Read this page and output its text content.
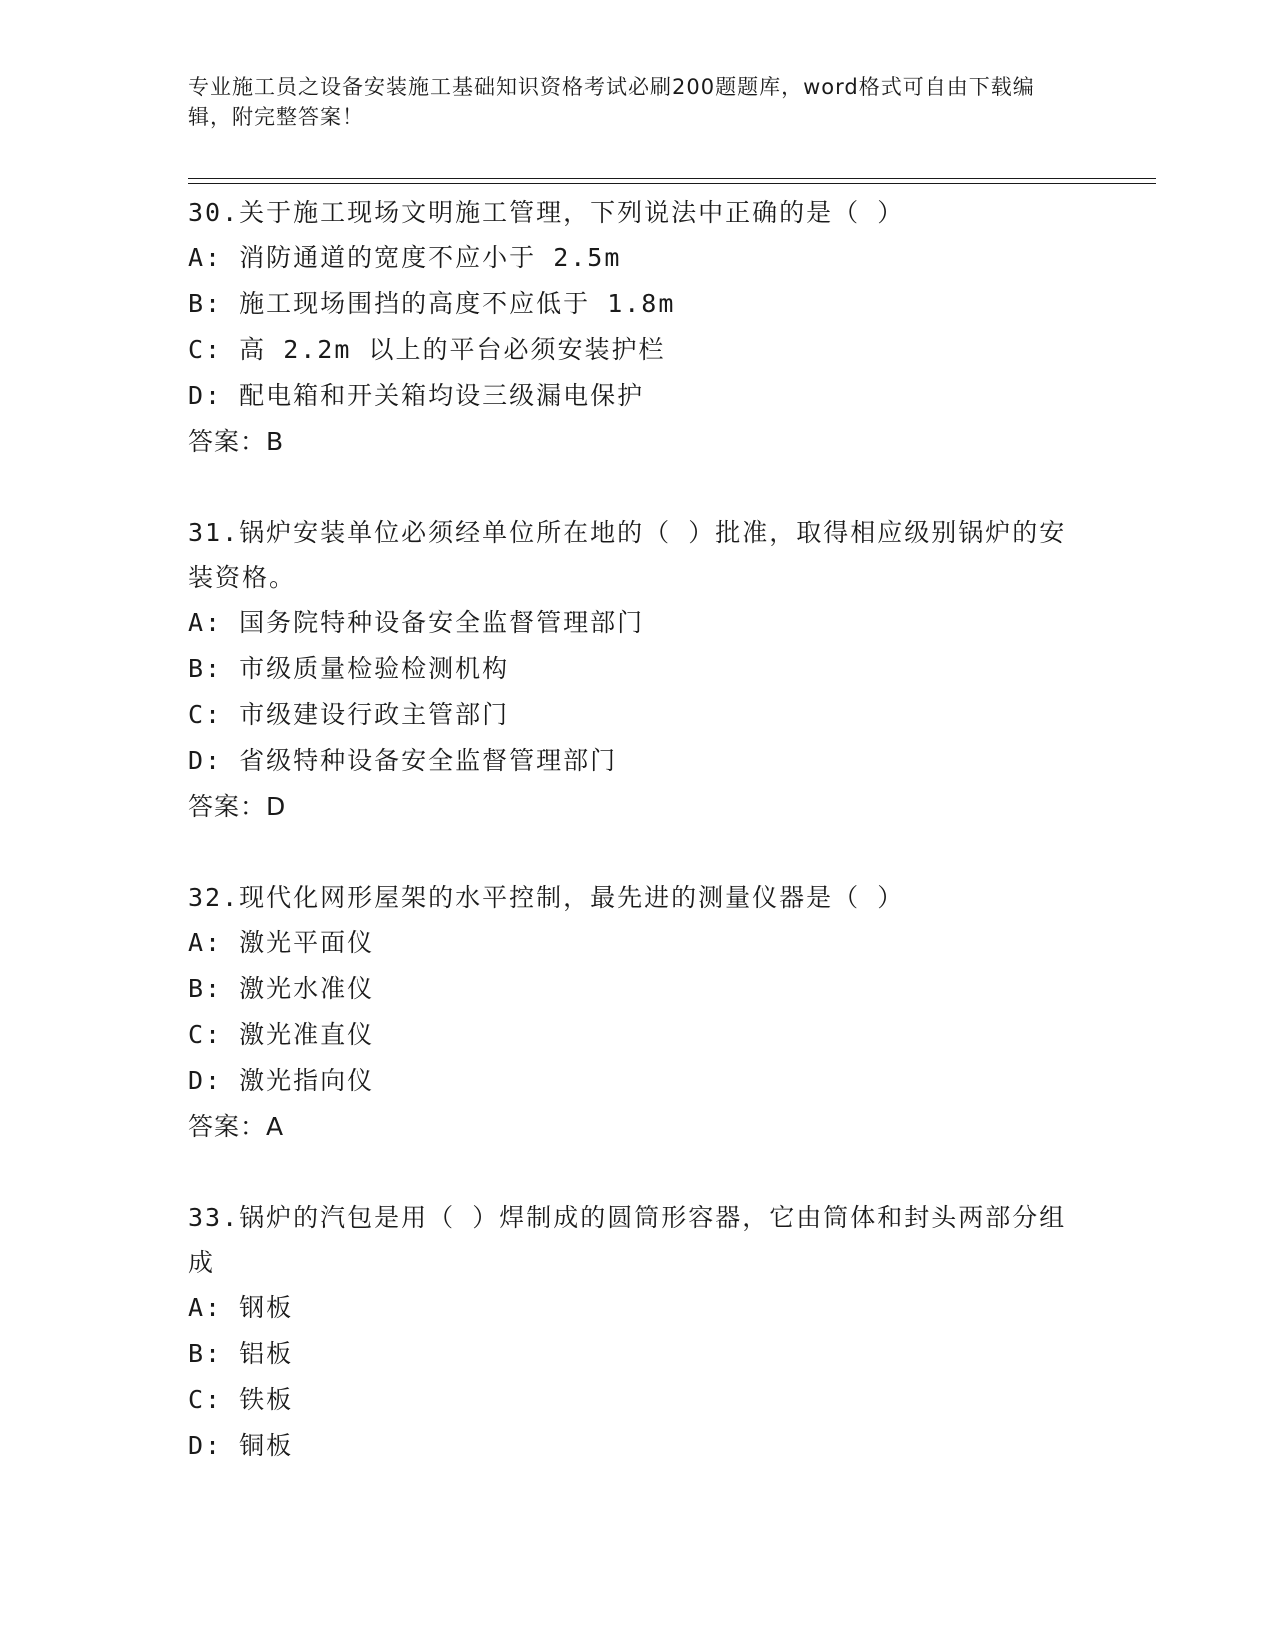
专业施工员之设备安装施工基础知识资格考试必刷200题题库，word格式可自由下载编辑，附完整答案！
30.关于施工现场文明施工管理，下列说法中正确的是（ ）
A: 消防通道的宽度不应小于 2.5m
B: 施工现场围挡的高度不应低于 1.8m
C: 高 2.2m 以上的平台必须安装护栏
D: 配电箱和开关箱均设三级漏电保护
答案：B
31.锅炉安装单位必须经单位所在地的（ ）批准，取得相应级别锅炉的安装资格。
A: 国务院特种设备安全监督管理部门
B: 市级质量检验检测机构
C: 市级建设行政主管部门
D: 省级特种设备安全监督管理部门
答案：D
32.现代化网形屋架的水平控制，最先进的测量仪器是（ ）
A: 激光平面仪
B: 激光水准仪
C: 激光准直仪
D: 激光指向仪
答案：A
33.锅炉的汽包是用（ ）焊制成的圆筒形容器，它由筒体和封头两部分组成
A: 钢板
B: 铝板
C: 铁板
D: 铜板
